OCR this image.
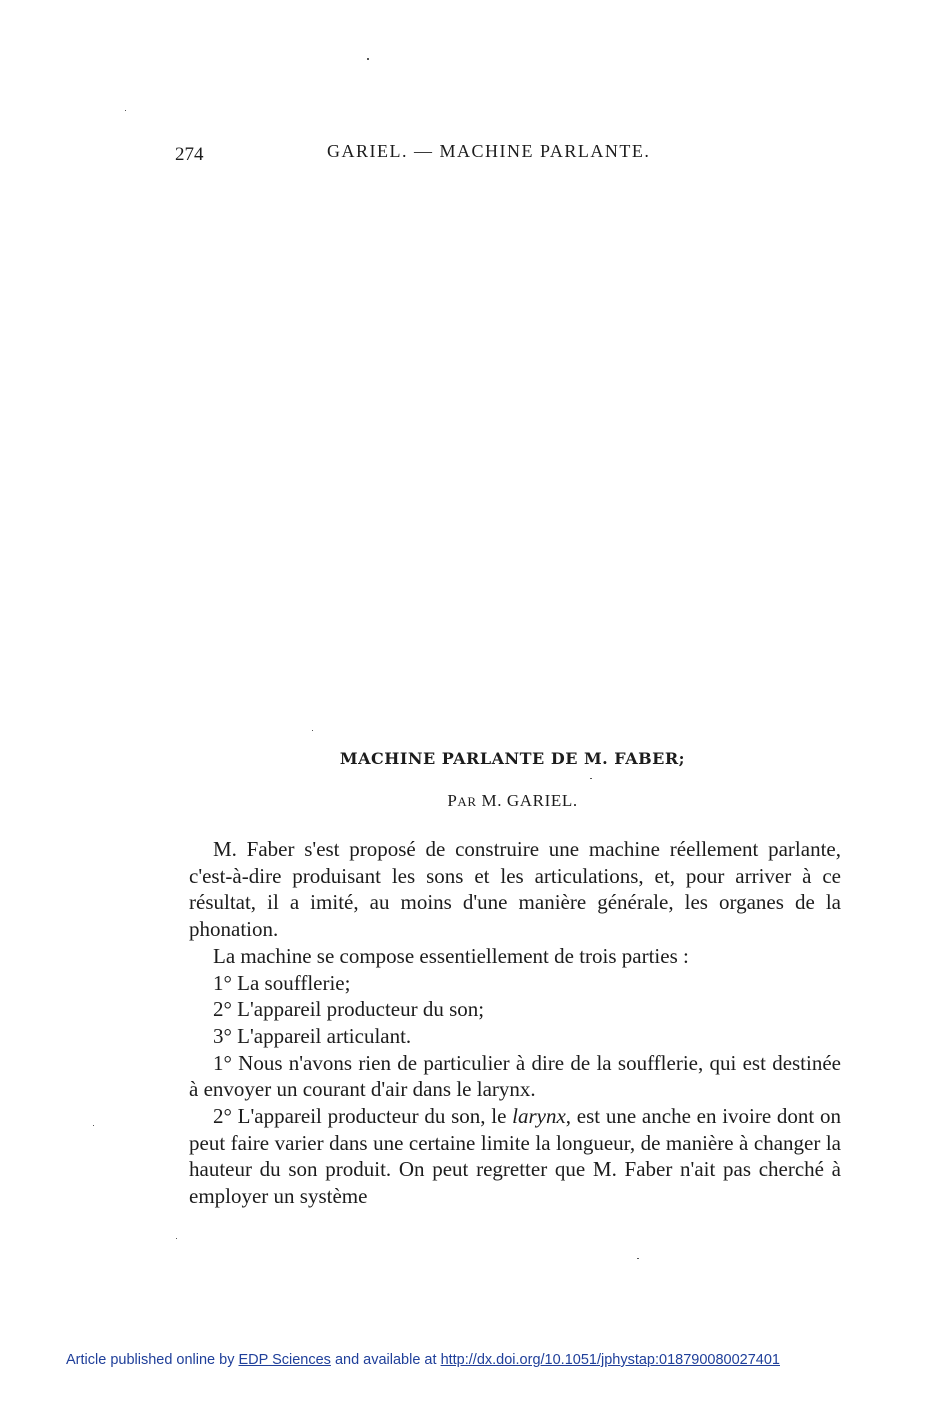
274	GARIEL. — MACHINE PARLANTE.
MACHINE PARLANTE DE M. FABER;
PAR M. GARIEL.

M. Faber s'est proposé de construire une machine réellement parlante, c'est-à-dire produisant les sons et les articulations, et, pour arriver à ce résultat, il a imité, au moins d'une manière générale, les organes de la phonation.

La machine se compose essentiellement de trois parties :

1° La soufflerie;

2° L'appareil producteur du son;

3° L'appareil articulant.

1° Nous n'avons rien de particulier à dire de la soufflerie, qui est destinée à envoyer un courant d'air dans le larynx.

2° L'appareil producteur du son, le larynx, est une anche en ivoire dont on peut faire varier dans une certaine limite la longueur, de manière à changer la hauteur du son produit. On peut regretter que M. Faber n'ait pas cherché à employer un système

Article published online by EDP Sciences and available at http://dx.doi.org/10.1051/jphystap:018790080027401
